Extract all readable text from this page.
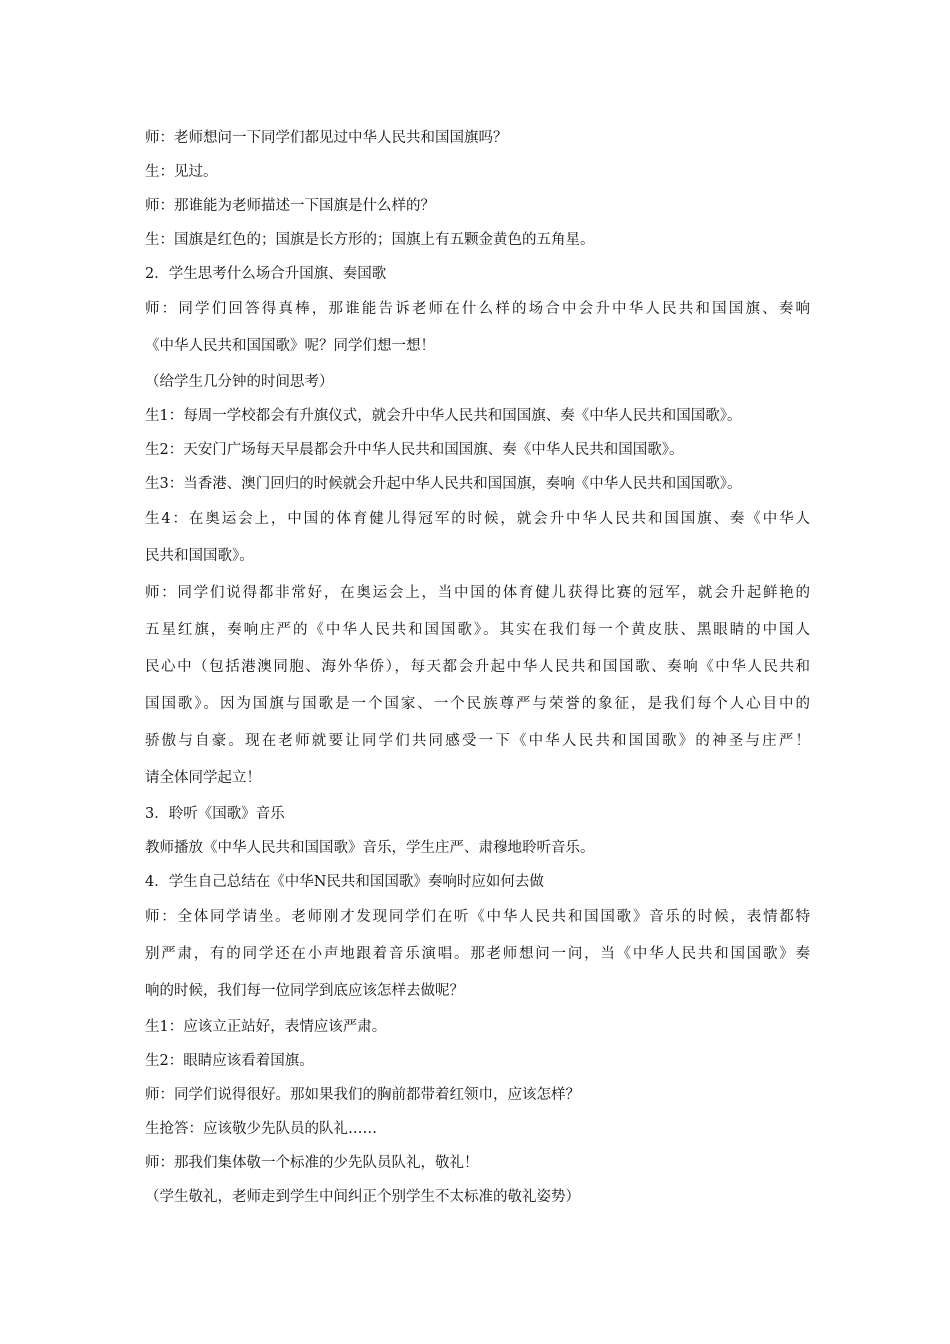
师：老师想问一下同学们都见过中华人民共和国国旗吗？
生：见过。
师：那谁能为老师描述一下国旗是什么样的？
生：国旗是红色的；国旗是长方形的；国旗上有五颗金黄色的五角星。
2．学生思考什么场合升国旗、奏国歌
师：同学们回答得真棒，那谁能告诉老师在什么样的场合中会升中华人民共和国国旗、奏响
《中华人民共和国国歌》呢？同学们想一想！
（给学生几分钟的时间思考）
生1：每周一学校都会有升旗仪式，就会升中华人民共和国国旗、奏《中华人民共和国国歌》。
生2：天安门广场每天早晨都会升中华人民共和国国旗、奏《中华人民共和国国歌》。
生3：当香港、澳门回归的时候就会升起中华人民共和国国旗，奏响《中华人民共和国国歌》。
生4：在奥运会上，中国的体育健儿得冠军的时候，就会升中华人民共和国国旗、奏《中华人
民共和国国歌》。
师：同学们说得都非常好，在奥运会上，当中国的体育健儿获得比赛的冠军，就会升起鲜艳的
五星红旗，奏响庄严的《中华人民共和国国歌》。其实在我们每一个黄皮肤、黑眼睛的中国人
民心中（包括港澳同胞、海外华侨），每天都会升起中华人民共和国国歌、奏响《中华人民共和
国国歌》。因为国旗与国歌是一个国家、一个民族尊严与荣誉的象征，是我们每个人心目中的
骄傲与自豪。现在老师就要让同学们共同感受一下《中华人民共和国国歌》的神圣与庄严！
请全体同学起立！
3．聆听《国歌》音乐
教师播放《中华人民共和国国歌》音乐，学生庄严、肃穆地聆听音乐。
4．学生自己总结在《中华N民共和国国歌》奏响时应如何去做
师：全体同学请坐。老师刚才发现同学们在听《中华人民共和国国歌》音乐的时候，表情都特
别严肃，有的同学还在小声地跟着音乐演唱。那老师想问一问，当《中华人民共和国国歌》奏
响的时候，我们每一位同学到底应该怎样去做呢？
生1：应该立正站好，表情应该严肃。
生2：眼睛应该看着国旗。
师：同学们说得很好。那如果我们的胸前都带着红领巾，应该怎样？
生抢答：应该敬少先队员的队礼……
师：那我们集体敬一个标准的少先队员队礼，敬礼！
（学生敬礼，老师走到学生中间纠正个别学生不太标准的敬礼姿势）
